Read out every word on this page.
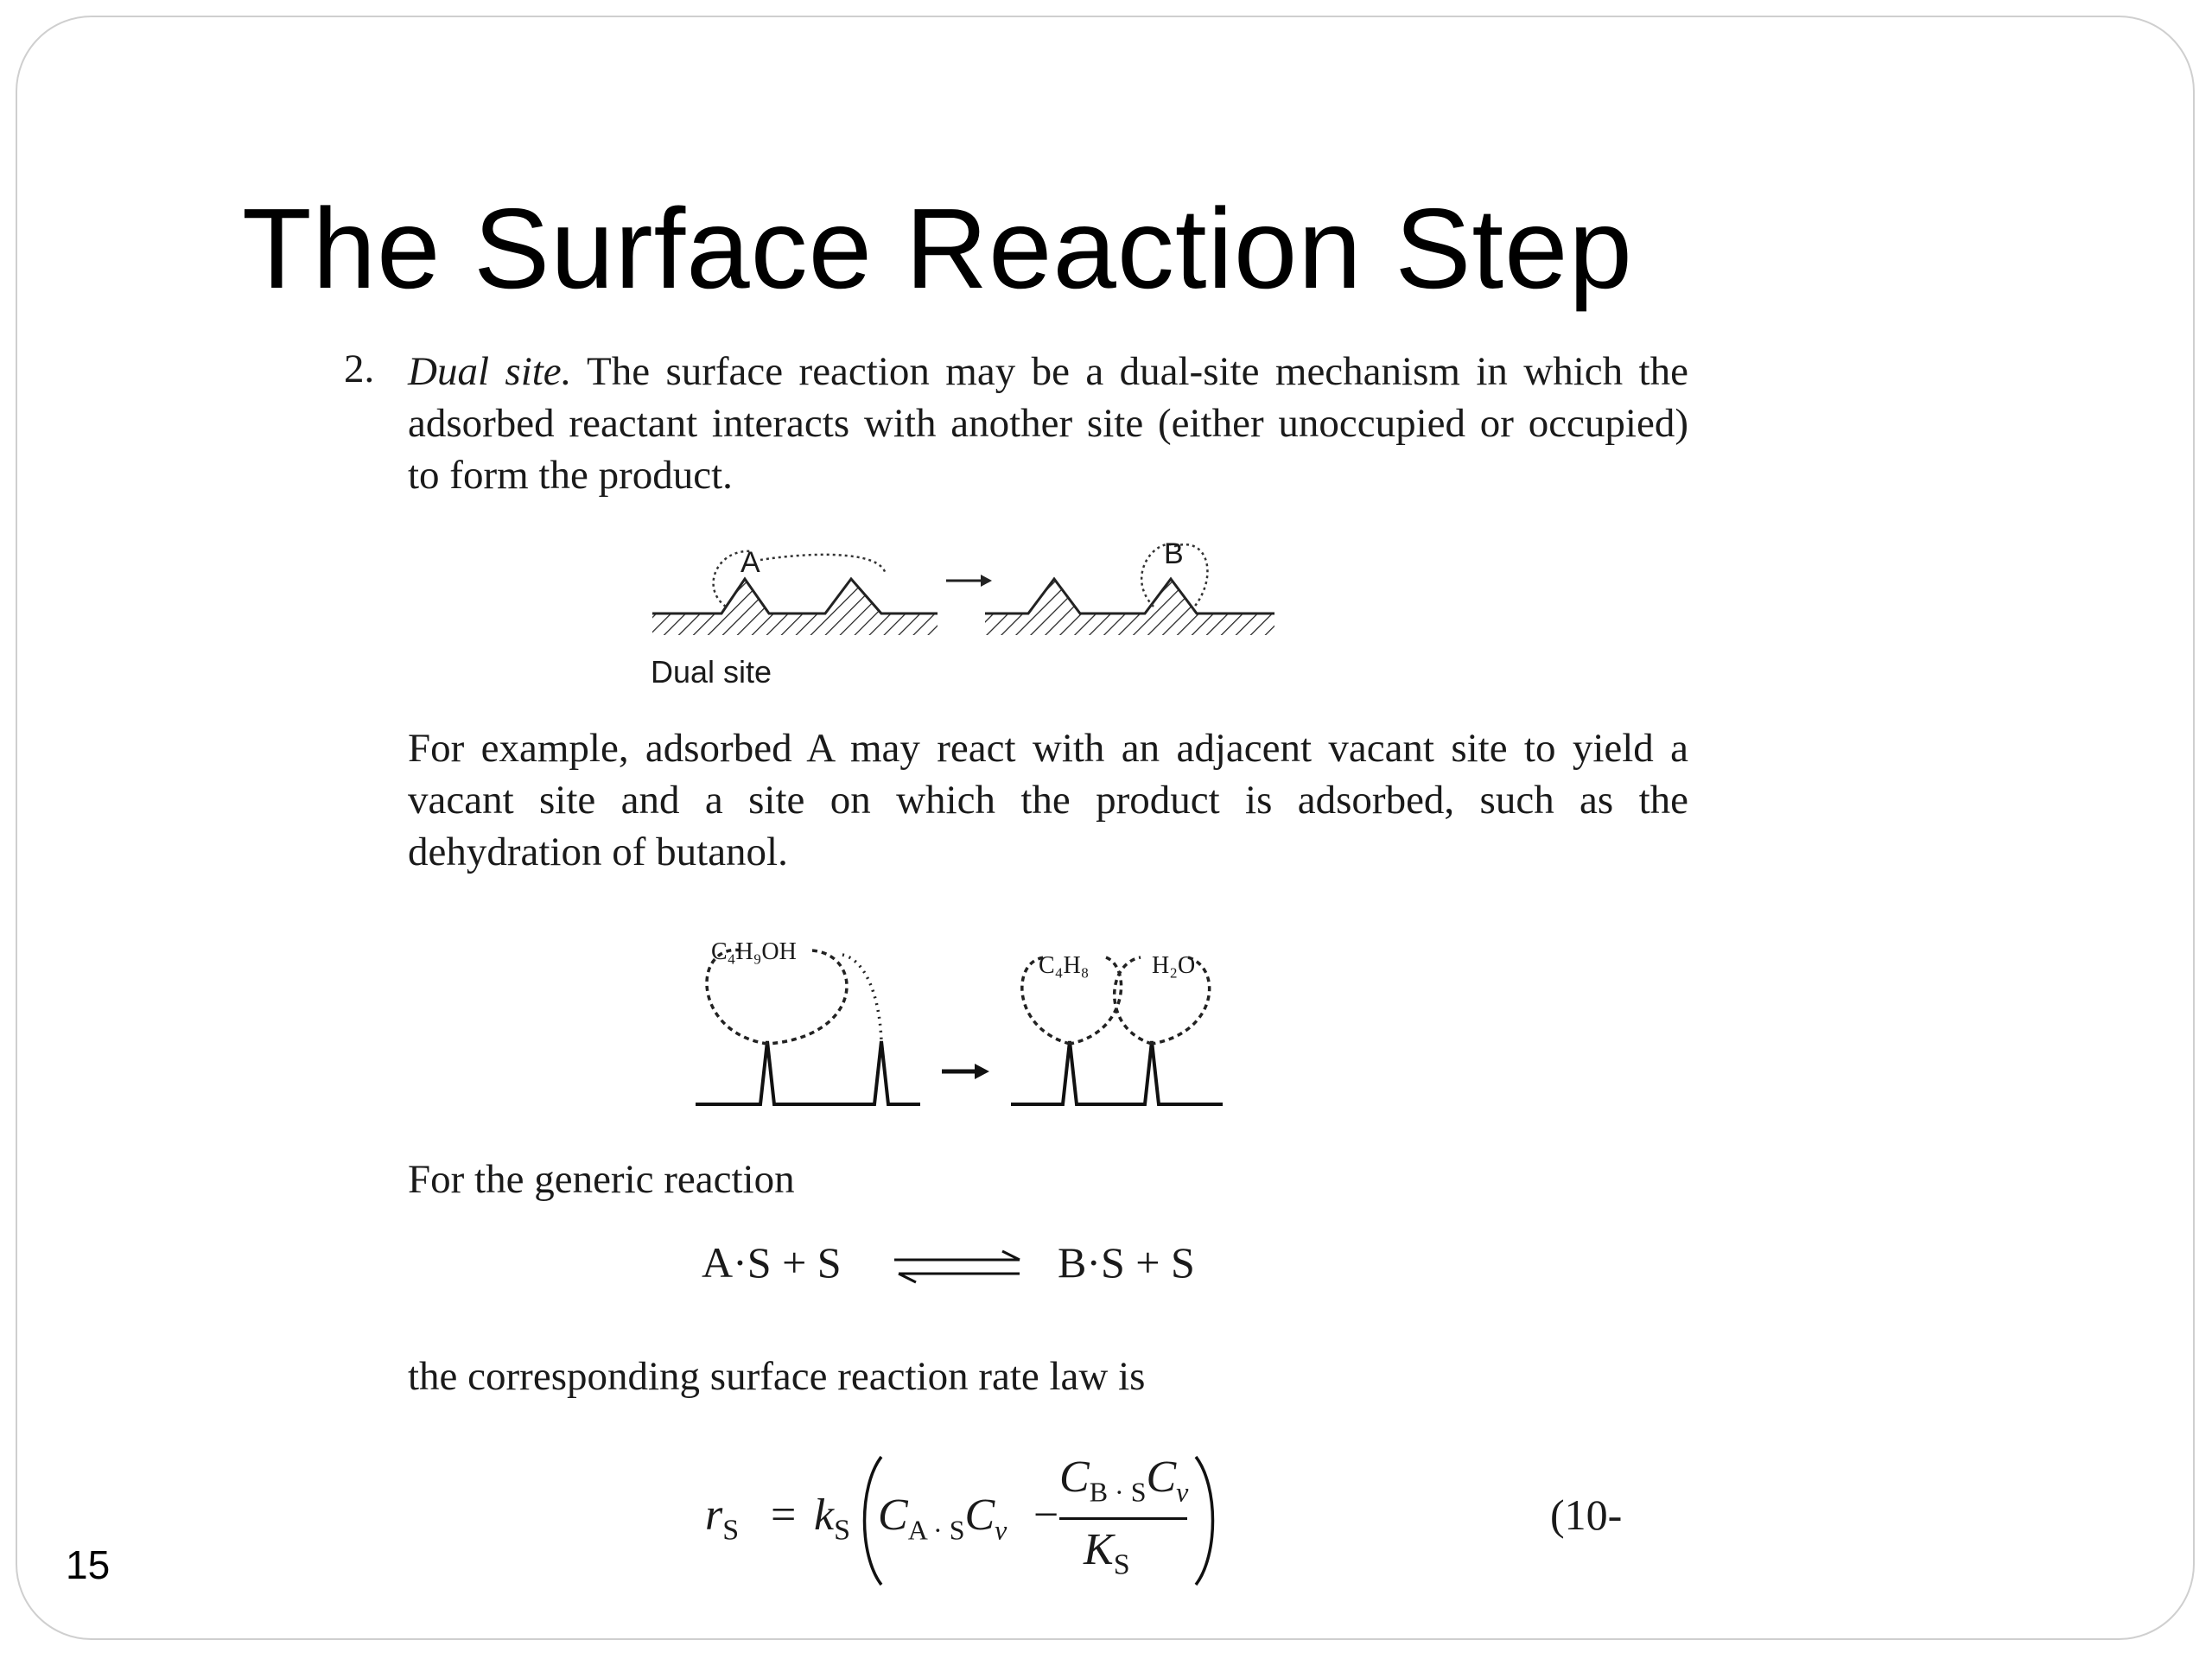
The Surface Reaction Step
2. Dual site. The surface reaction may be a dual-site mechanism in which the adsorbed reactant interacts with another site (either unoccupied or occupied) to form the product.

A	B
Dual site

For example, adsorbed A may react with an adjacent vacant site to yield a vacant site and a site on which the product is adsorbed, such as the dehydration of butanol.

C₄H₉OH
C₄H₈	H₂O

For the generic reaction

A·S + S	B·S + S

the corresponding surface reaction rate law is

$r_S = k_S$ $C_{A \cdot S}C_v$ −
$C_{B \cdot S}C_v$
$K_S$
(10-
15
